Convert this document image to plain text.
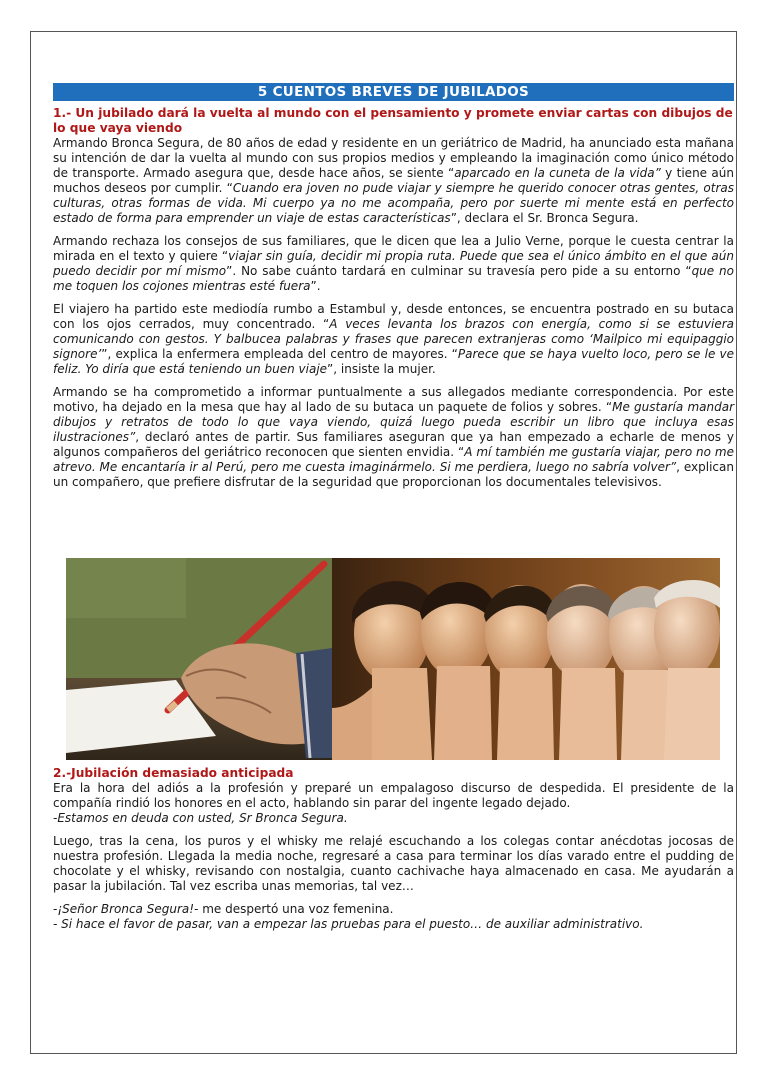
5 CUENTOS BREVES DE JUBILADOS
1.- Un jubilado dará la vuelta al mundo con el pensamiento y promete enviar cartas con dibujos de lo que vaya viendo

Armando Bronca Segura, de 80 años de edad y residente en un geriátrico de Madrid, ha anunciado esta mañana su intención de dar la vuelta al mundo con sus propios medios y empleando la imaginación como único método de transporte. Armado asegura que, desde hace años, se siente “aparcado en la cuneta de la vida” y tiene aún muchos deseos por cumplir. “Cuando era joven no pude viajar y siempre he querido conocer otras gentes, otras culturas, otras formas de vida. Mi cuerpo ya no me acompaña, pero por suerte mi mente está en perfecto estado de forma para emprender un viaje de estas características”, declara el Sr. Bronca Segura.

Armando rechaza los consejos de sus familiares, que le dicen que lea a Julio Verne, porque le cuesta centrar la mirada en el texto y quiere “viajar sin guía, decidir mi propia ruta. Puede que sea el único ámbito en el que aún puedo decidir por mí mismo”. No sabe cuánto tardará en culminar su travesía pero pide a su entorno “que no me toquen los cojones mientras esté fuera”.

El viajero ha partido este mediodía rumbo a Estambul y, desde entonces, se encuentra postrado en su butaca con los ojos cerrados, muy concentrado. “A veces levanta los brazos con energía, como si se estuviera comunicando con gestos. Y balbucea palabras y frases que parecen extranjeras como ‘Mailpico mi equipaggio signore’”, explica la enfermera empleada del centro de mayores. “Parece que se haya vuelto loco, pero se le ve feliz. Yo diría que está teniendo un buen viaje”, insiste la mujer.

Armando se ha comprometido a informar puntualmente a sus allegados mediante correspondencia. Por este motivo, ha dejado en la mesa que hay al lado de su butaca un paquete de folios y sobres. “Me gustaría mandar dibujos y retratos de todo lo que vaya viendo, quizá luego pueda escribir un libro que incluya esas ilustraciones”, declaró antes de partir. Sus familiares aseguran que ya han empezado a echarle de menos y algunos compañeros del geriátrico reconocen que sienten envidia. “A mí también me gustaría viajar, pero no me atrevo. Me encantaría ir al Perú, pero me cuesta imaginármelo. Si me perdiera, luego no sabría volver”, explican un compañero, que prefiere disfrutar de la seguridad que proporcionan los documentales televisivos.

2.-Jubilación demasiado anticipada

Era la hora del adiós a la profesión y preparé un empalagoso discurso de despedida. El presidente de la compañía rindió los honores en el acto, hablando sin parar del ingente legado dejado.
-Estamos en deuda con usted, Sr Bronca Segura.

Luego, tras la cena, los puros y el whisky me relajé escuchando a los colegas contar anécdotas jocosas de nuestra profesión. Llegada la media noche, regresaré a casa para terminar los días varado entre el pudding de chocolate y el whisky, revisando con nostalgia, cuanto cachivache haya almacenado en casa. Me ayudarán a pasar la jubilación. Tal vez escriba unas memorias, tal vez…

-¡Señor Bronca Segura!- me despertó una voz femenina.
- Si hace el favor de pasar, van a empezar las pruebas para el puesto… de auxiliar administrativo.
